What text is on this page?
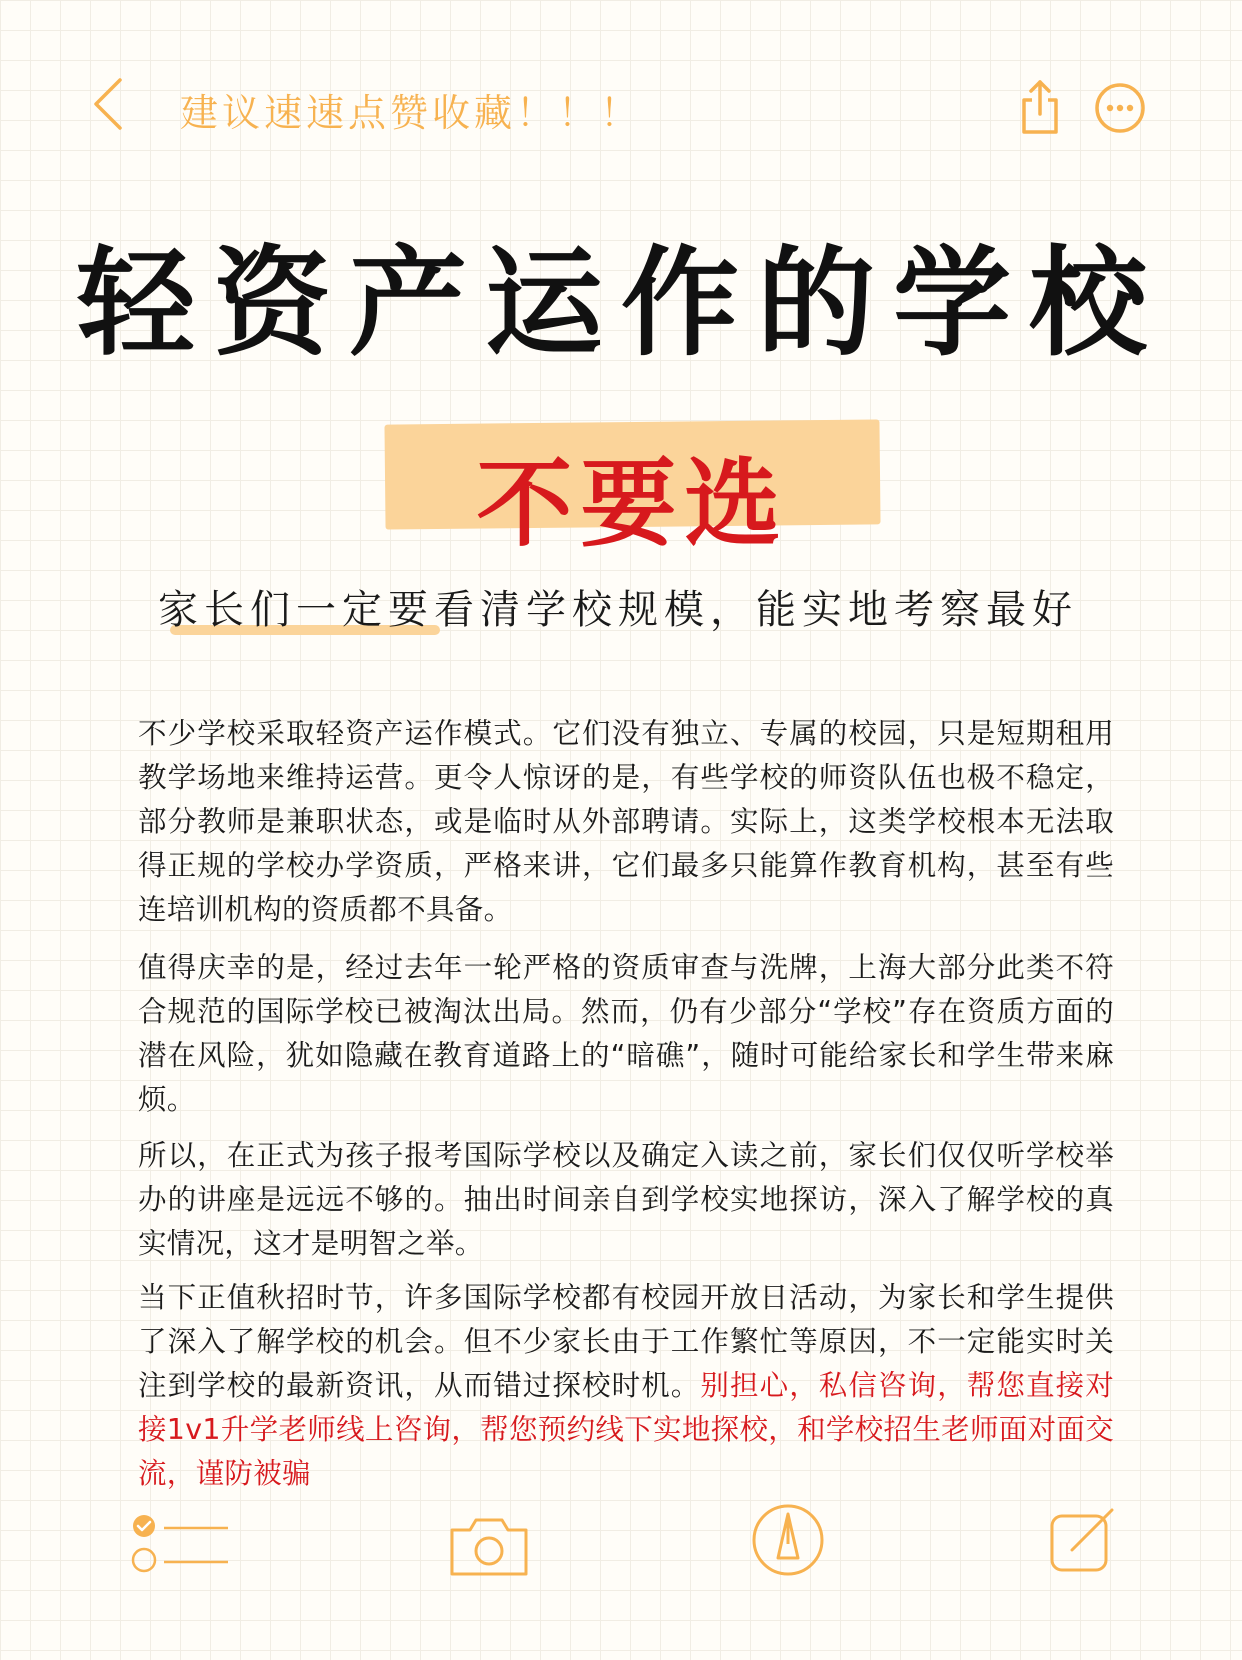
建议速速点赞收藏！！！
轻资产运作的学校
不要选
家长们一定要看清学校规模，能实地考察最好
不少学校采取轻资产运作模式。它们没有独立、专属的校园，只是短期租用教学场地来维持运营。更令人惊讶的是，有些学校的师资队伍也极不稳定，部分教师是兼职状态，或是临时从外部聘请。实际上，这类学校根本无法取得正规的学校办学资质，严格来讲，它们最多只能算作教育机构，甚至有些连培训机构的资质都不具备。
值得庆幸的是，经过去年一轮严格的资质审查与洗牌，上海大部分此类不符合规范的国际学校已被淘汰出局。然而，仍有少部分“学校”存在资质方面的潜在风险，犹如隐藏在教育道路上的“暗礁”，随时可能给家长和学生带来麻烦。
所以，在正式为孩子报考国际学校以及确定入读之前，家长们仅仅听学校举办的讲座是远远不够的。抽出时间亲自到学校实地探访，深入了解学校的真实情况，这才是明智之举。
当下正值秋招时节，许多国际学校都有校园开放日活动，为家长和学生提供了深入了解学校的机会。但不少家长由于工作繁忙等原因，不一定能实时关注到学校的最新资讯，从而错过探校时机。别担心，私信咨询，帮您直接对接1v1升学老师线上咨询，帮您预约线下实地探校，和学校招生老师面对面交流，谨防被骗
